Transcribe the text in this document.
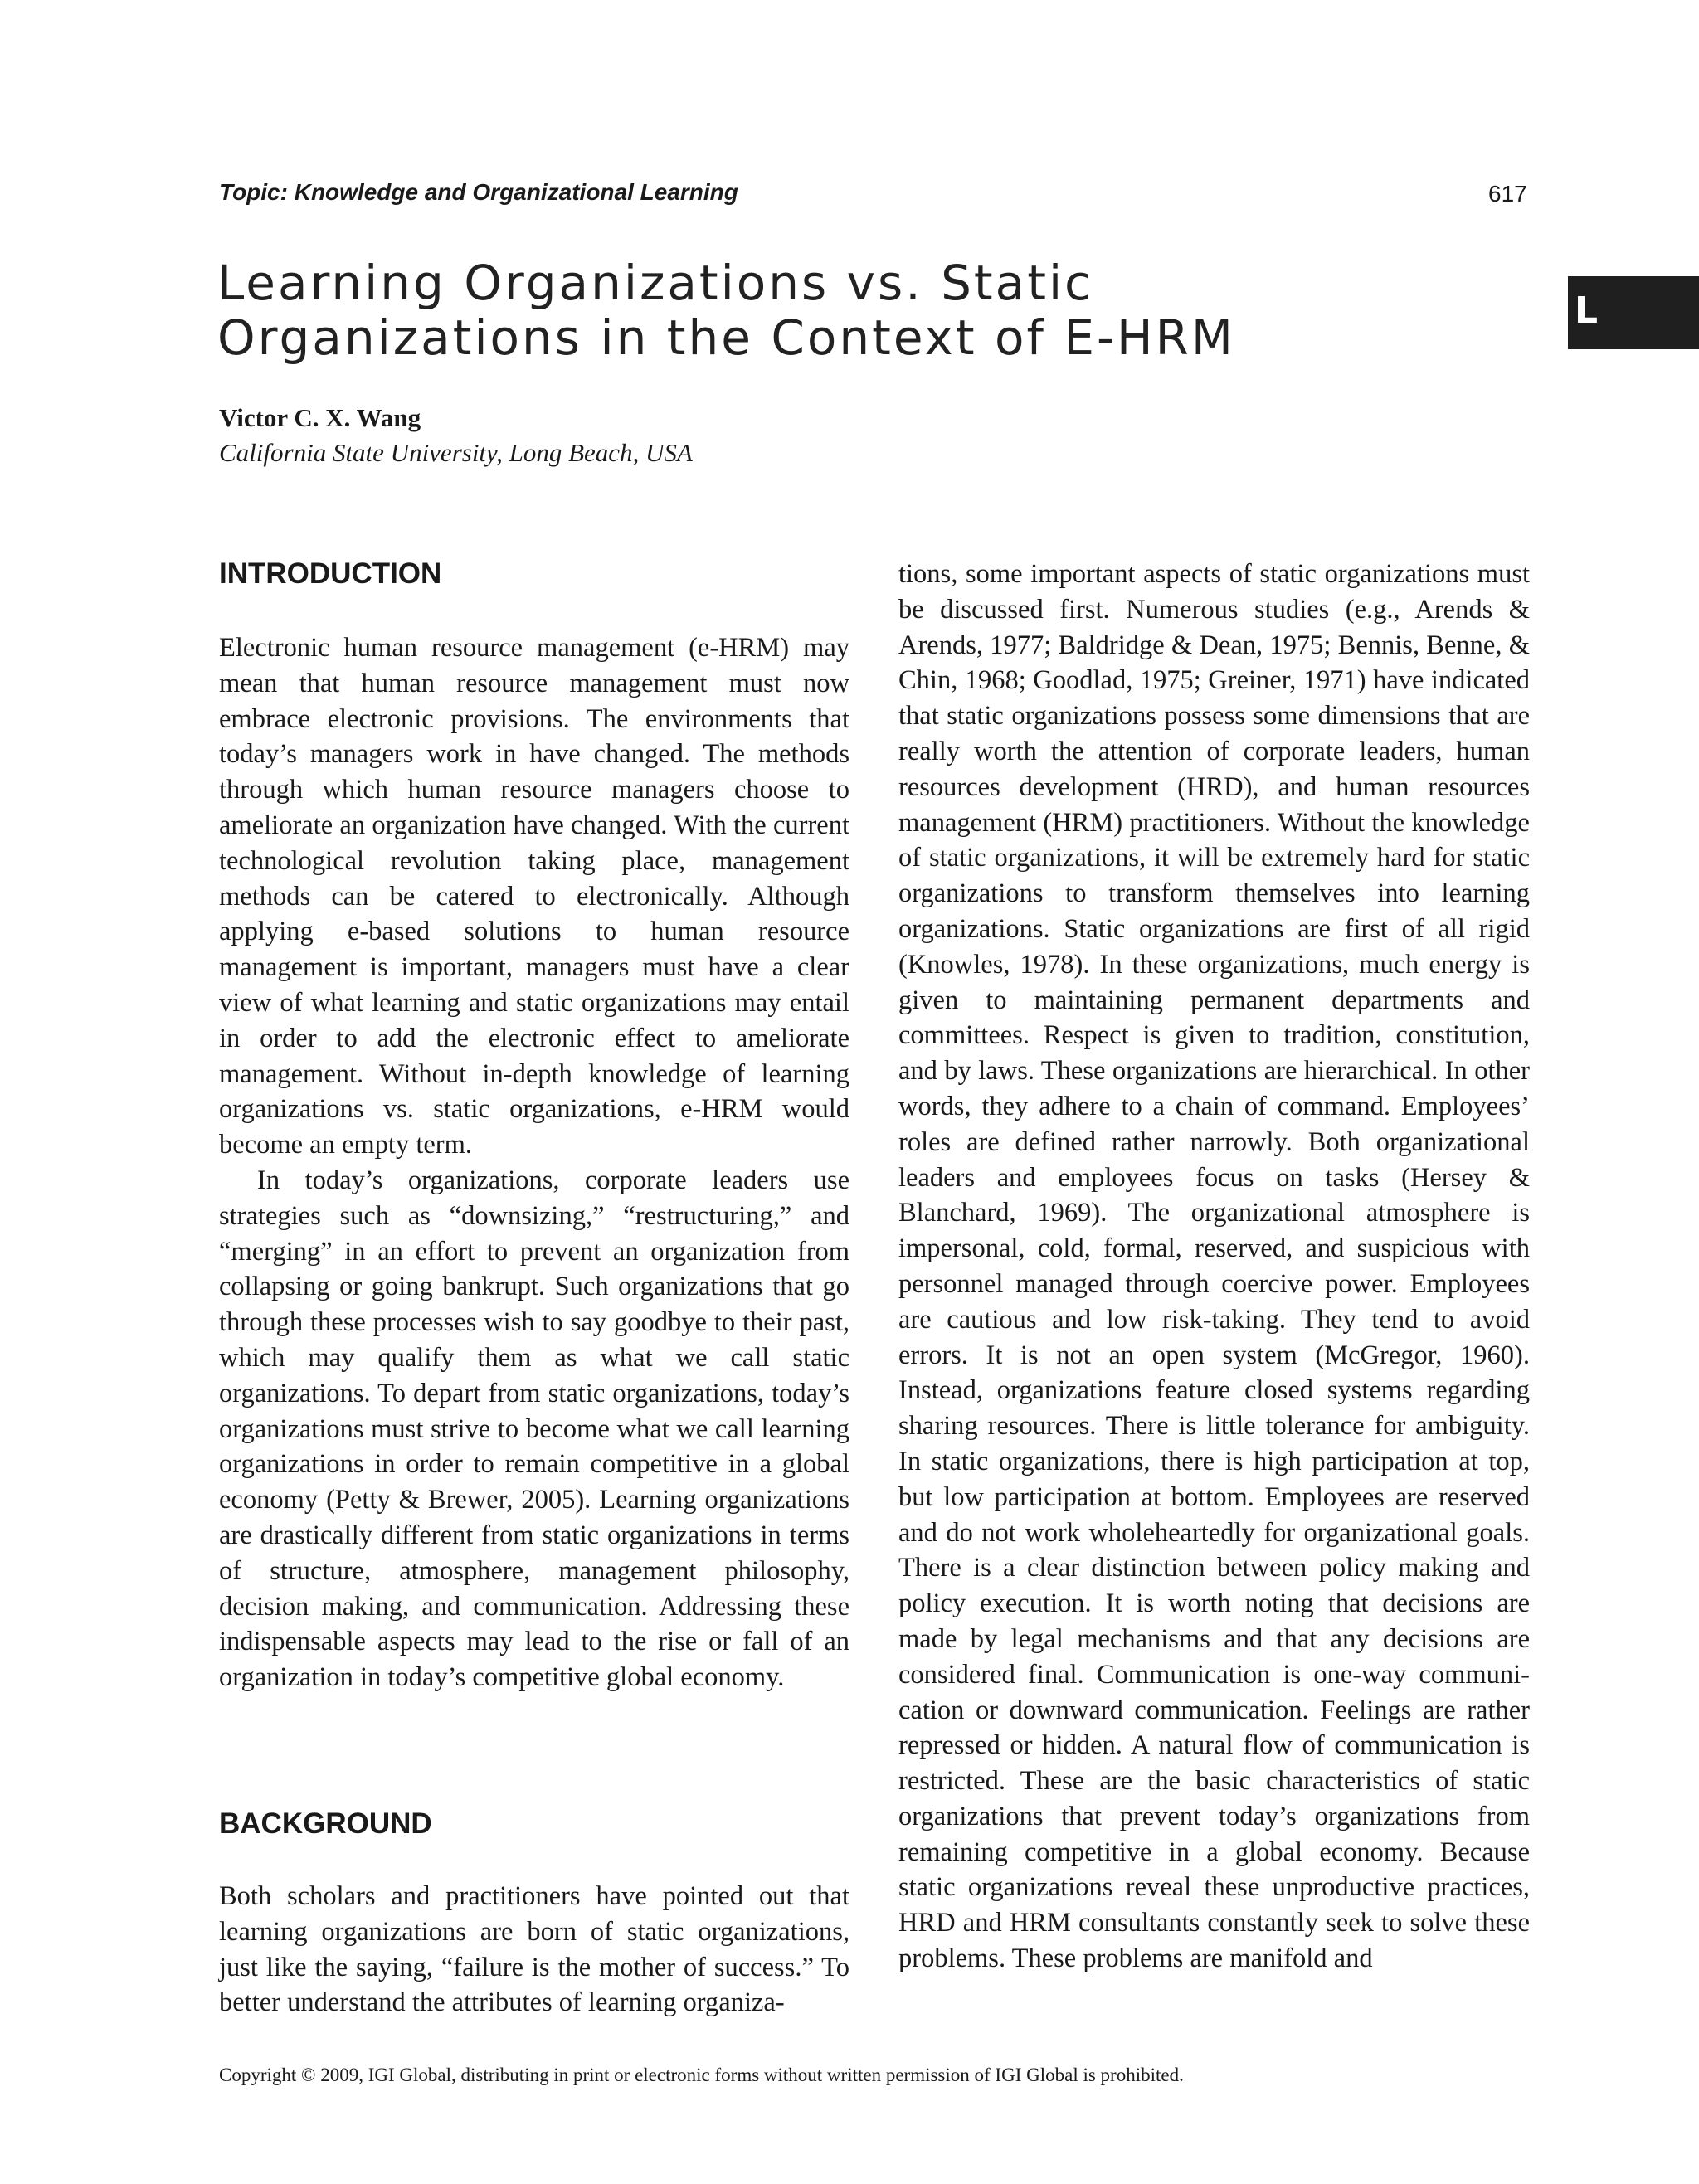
Topic: Knowledge and Organizational Learning	617
Learning Organizations vs. Static
Organizations in the Context of E-HRM	L
Victor C. X. Wang
California State University, Long Beach, USA
INTRODUCTION

Electronic human resource management (e-HRM) may mean that human resource management must now embrace electronic provisions. The environments that today’s managers work in have changed. The methods through which human resource managers choose to ameliorate an organization have changed. With the current technological revolution taking place, management methods can be catered to electronically. Although applying e-based solutions to human resource management is important, managers must have a clear view of what learning and static organizations may entail in order to add the electronic effect to ameliorate management. Without in-depth knowledge of learning organizations vs. static organizations, e-HRM would become an empty term.

In today’s organizations, corporate leaders use strategies such as “downsizing,” “restructuring,” and “merging” in an effort to prevent an organization from collapsing or going bankrupt. Such organizations that go through these processes wish to say goodbye to their past, which may qualify them as what we call static organizations. To depart from static organizations, today’s organizations must strive to become what we call learning organizations in order to remain competitive in a global economy (Petty & Brewer, 2005). Learning organizations are drastically different from static organizations in terms of structure, atmosphere, management philosophy, decision making, and communication. Addressing these indispensable aspects may lead to the rise or fall of an organization in today’s competitive global economy.

BACKGROUND

Both scholars and practitioners have pointed out that learning organizations are born of static organizations, just like the saying, “failure is the mother of success.” To better understand the attributes of learning organiza-

tions, some important aspects of static organizations must be discussed first. Numerous studies (e.g., Arends & Arends, 1977; Baldridge & Dean, 1975; Bennis, Benne, & Chin, 1968; Goodlad, 1975; Greiner, 1971) have indicated that static organizations possess some dimensions that are really worth the attention of corporate leaders, human resources development (HRD), and human resources management (HRM) practitioners. Without the knowledge of static organizations, it will be extremely hard for static organizations to transform themselves into learning organizations. Static organizations are first of all rigid (Knowles, 1978). In these organizations, much energy is given to maintaining permanent departments and committees. Respect is given to tradition, constitution, and by laws. These organizations are hierarchical. In other words, they adhere to a chain of command. Employees’ roles are defined rather narrowly. Both organizational leaders and employees focus on tasks (Hersey & Blanchard, 1969). The organizational atmosphere is impersonal, cold, formal, reserved, and suspicious with personnel managed through coercive power. Employees are cautious and low risk-taking. They tend to avoid errors. It is not an open system (McGregor, 1960). Instead, organizations feature closed systems regarding sharing resources. There is little tolerance for ambiguity. In static organizations, there is high participation at top, but low participation at bottom. Employees are reserved and do not work wholeheartedly for organizational goals. There is a clear distinction between policy making and policy execution. It is worth noting that decisions are made by legal mechanisms and that any decisions are considered final. Communication is one-way communication or downward communication. Feelings are rather repressed or hidden. A natural flow of communication is restricted. These are the basic characteristics of static organizations that prevent today’s organizations from remaining competitive in a global economy. Because static organizations reveal these unproductive practices, HRD and HRM consultants constantly seek to solve these problems. These problems are manifold and

Copyright © 2009, IGI Global, distributing in print or electronic forms without written permission of IGI Global is prohibited.
